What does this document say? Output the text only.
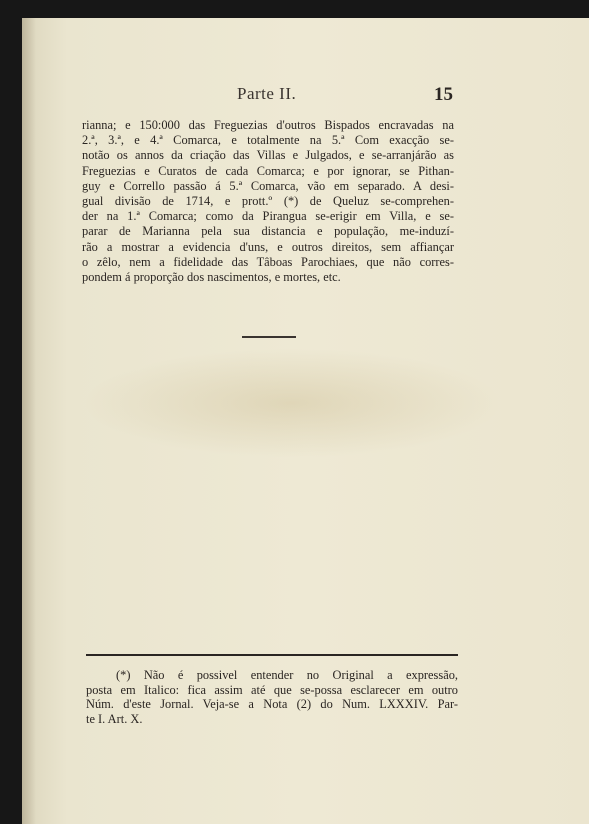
Parte II.	15
rianna; e 150:000 das Freguezias d'outros Bispados encravadas na
2.ª, 3.ª, e 4.ª Comarca, e totalmente na 5.ª Com exacção se-
notão os annos da criação das Villas e Julgados, e se-arranjárão as
Freguezias e Curatos de cada Comarca; e por ignorar, se Pithan-
guy e Corrello passão á 5.ª Comarca, vão em separado. A desi-
gual divisão de 1714, e prott.º (*) de Queluz se-comprehen-
der na 1.ª Comarca; como da Pirangua se-erigir em Villa, e se-
parar de Marianna pela sua distancia e população, me-induzí-
rão a mostrar a evidencia d'uns, e outros direitos, sem affiançar
o zêlo, nem a fidelidade das Tâboas Parochiaes, que não corres-
pondem á proporção dos nascimentos, e mortes, etc.
(*) Não é possivel entender no Original a expressão,
posta em Italico: fica assim até que se-possa esclarecer em outro
Núm. d'este Jornal. Veja-se a Nota (2) do Num. LXXXIV. Par-
te I. Art. X.
